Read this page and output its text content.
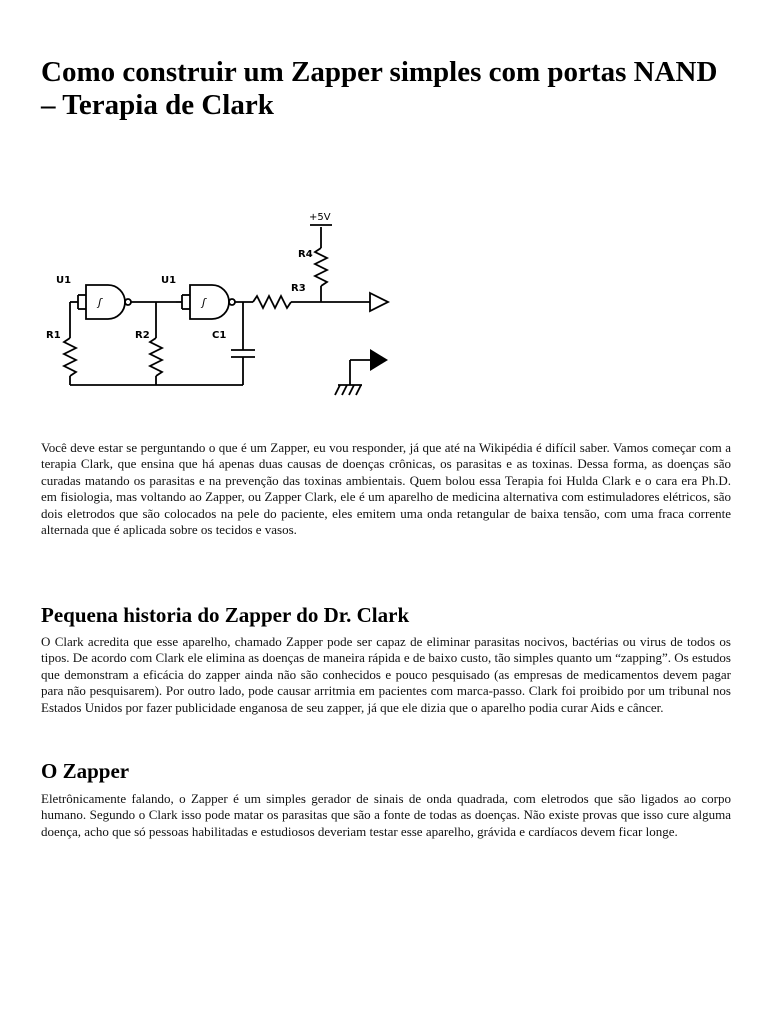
Como construir um Zapper simples com portas NAND – Terapia de Clark
ʃ	ʃ
U1	U1
R1	R2	C1
R3
R4
+5V

Você deve estar se perguntando o que é um Zapper, eu vou responder, já que até na Wikipédia é difícil saber. Vamos começar com a terapia Clark, que ensina que há apenas duas causas de doenças crônicas, os parasitas e as toxinas. Dessa forma, as doenças são curadas matando os parasitas e na prevenção das toxinas ambientais. Quem bolou essa Terapia foi Hulda Clark e o cara era Ph.D. em fisiologia, mas voltando ao Zapper, ou Zapper Clark, ele é um aparelho de medicina alternativa com estimuladores elétricos, são dois eletrodos que são colocados na pele do paciente, eles emitem uma onda retangular de baixa tensão, com uma fraca corrente alternada que é aplicada sobre os tecidos e vasos.

Pequena historia do Zapper do Dr. Clark

O Clark acredita que esse aparelho, chamado Zapper pode ser capaz de eliminar parasitas nocivos, bactérias ou virus de todos os tipos. De acordo com Clark ele elimina as doenças de maneira rápida e de baixo custo, tão simples quanto um “zapping”. Os estudos que demonstram a eficácia do zapper ainda não são conhecidos e pouco pesquisado (as empresas de medicamentos devem pagar para não pesquisarem). Por outro lado, pode causar arritmia em pacientes com marca-passo. Clark foi proibido por um tribunal nos Estados Unidos por fazer publicidade enganosa de seu zapper, já que ele dizia que o aparelho podia curar Aids e câncer.

O Zapper

Eletrônicamente falando, o Zapper é um simples gerador de sinais de onda quadrada, com eletrodos que são ligados ao corpo humano. Segundo o Clark isso pode matar os parasitas que são a fonte de todas as doenças. Não existe provas que isso cure alguma doença, acho que só pessoas habilitadas e estudiosos deveriam testar esse aparelho, grávida e cardíacos devem ficar longe.
